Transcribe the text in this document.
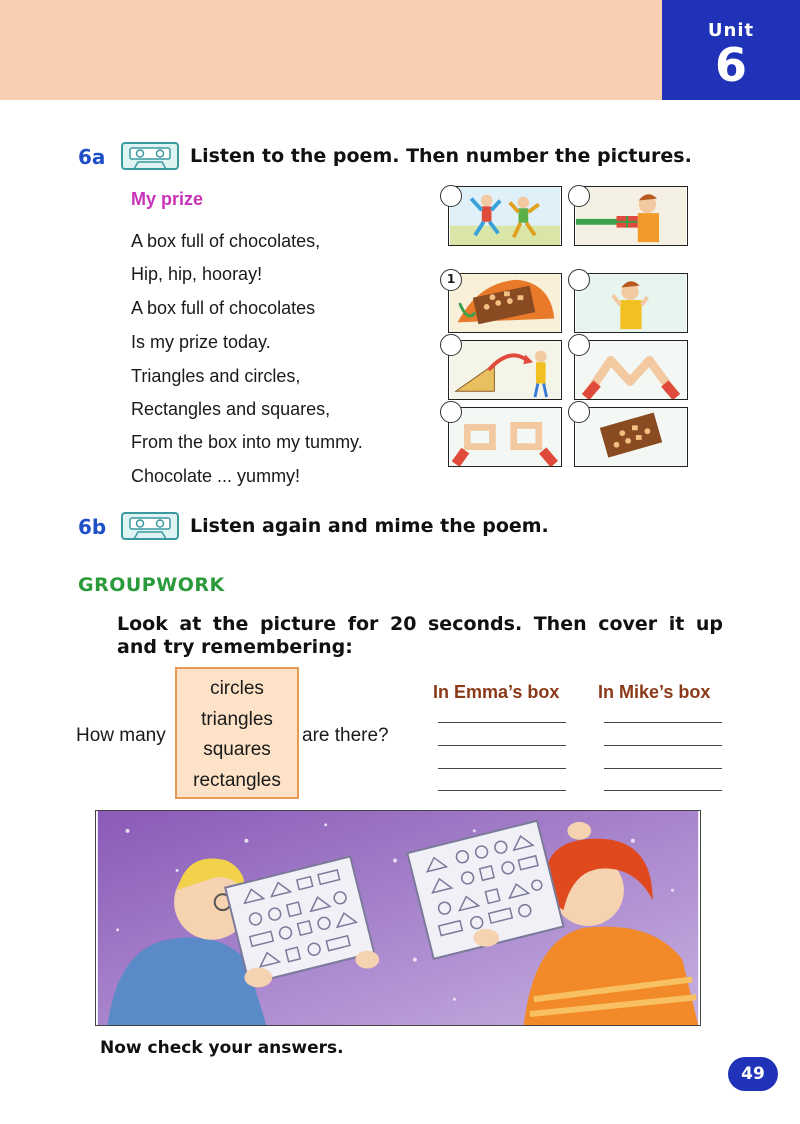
Unit
6
6a	Listen to the poem. Then number the pictures.
My prize
A box full of chocolates,
Hip, hip, hooray!
A box full of chocolates
Is my prize today.
Triangles and circles,
Rectangles and squares,
From the box into my tummy.
Chocolate ... yummy!
1
6b	Listen again and mime the poem.
GROUPWORK
Look at the picture for 20 seconds. Then cover it up
and try remembering:
How many
circles
triangles
squares
rectangles
are there?
In Emma’s box In Mike’s box
Now check your answers.
49
